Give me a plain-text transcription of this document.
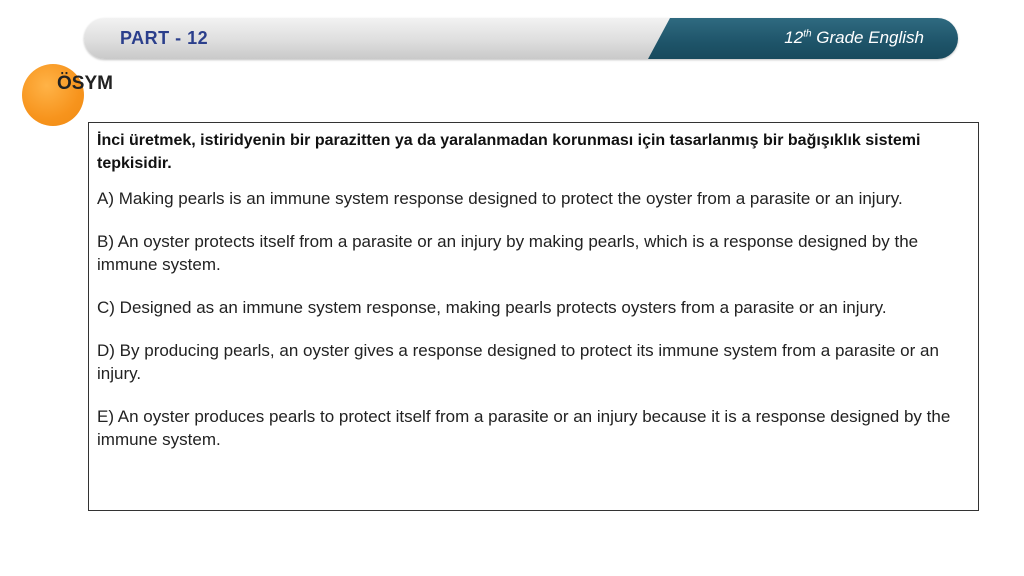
PART - 12	12th Grade English
ÖSYM

İnci üretmek, istiridyenin bir parazitten ya da yaralanmadan korunması için tasarlanmış bir bağışıklık sistemi tepkisidir.

A) Making pearls is an immune system response designed to protect the oyster from a parasite or an injury.

B) An oyster protects itself from a parasite or an injury by making pearls, which is a response designed by the immune system.

C) Designed as an immune system response, making pearls protects oysters from a parasite or an injury.

D) By producing pearls, an oyster gives a response designed to protect its immune system from a parasite or an injury.

E) An oyster produces pearls to protect itself from a parasite or an injury because it is a response designed by the immune system.
